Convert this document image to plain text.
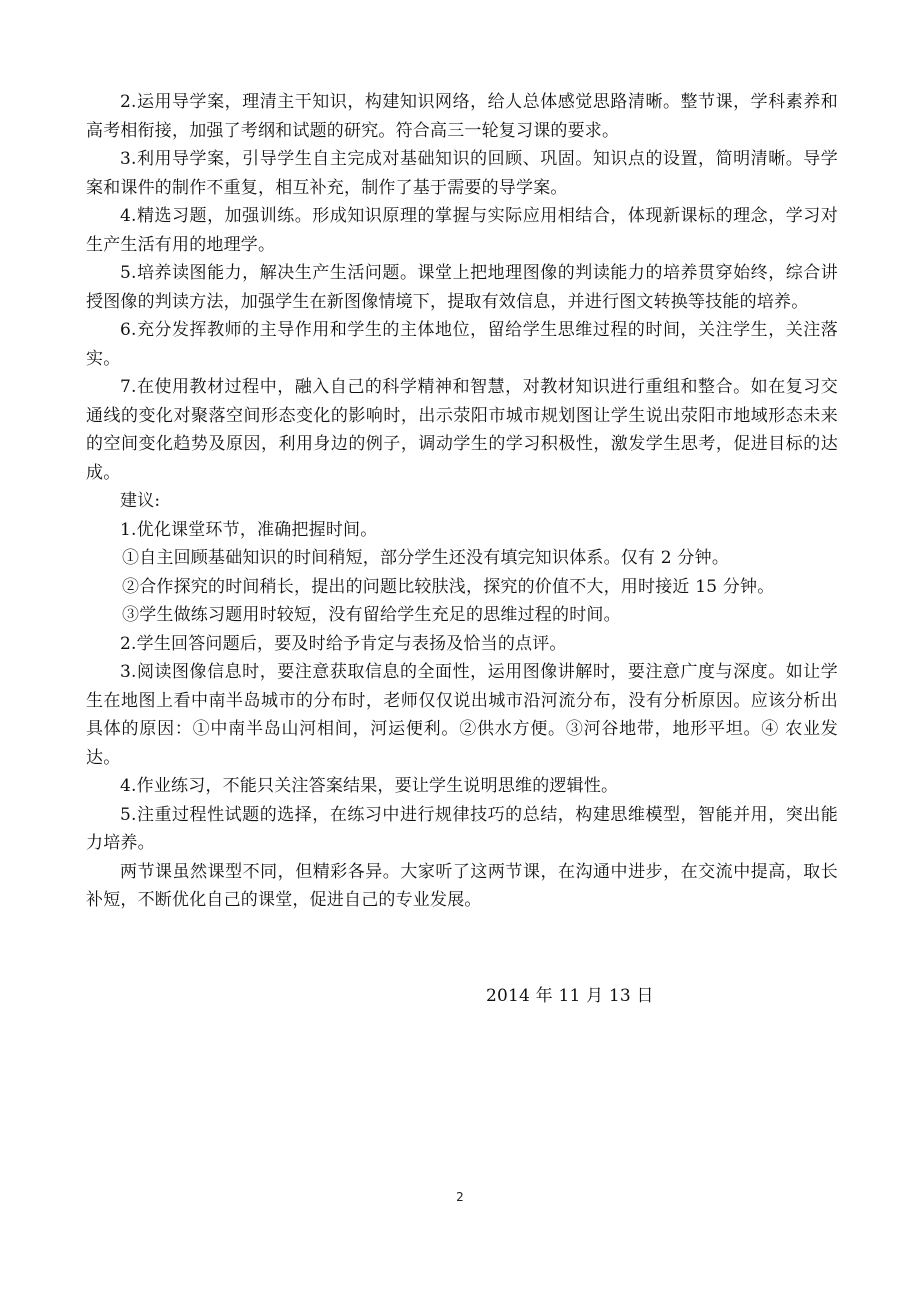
2.运用导学案，理清主干知识，构建知识网络，给人总体感觉思路清晰。整节课，学科素养和高考相衔接，加强了考纲和试题的研究。符合高三一轮复习课的要求。

3.利用导学案，引导学生自主完成对基础知识的回顾、巩固。知识点的设置，简明清晰。导学案和课件的制作不重复，相互补充，制作了基于需要的导学案。

4.精选习题，加强训练。形成知识原理的掌握与实际应用相结合，体现新课标的理念，学习对生产生活有用的地理学。

5.培养读图能力，解决生产生活问题。课堂上把地理图像的判读能力的培养贯穿始终，综合讲授图像的判读方法，加强学生在新图像情境下，提取有效信息，并进行图文转换等技能的培养。

6.充分发挥教师的主导作用和学生的主体地位，留给学生思维过程的时间，关注学生，关注落实。

7.在使用教材过程中，融入自己的科学精神和智慧，对教材知识进行重组和整合。如在复习交通线的变化对聚落空间形态变化的影响时，出示荥阳市城市规划图让学生说出荥阳市地域形态未来的空间变化趋势及原因，利用身边的例子，调动学生的学习积极性，激发学生思考，促进目标的达成。

建议:

1.优化课堂环节，准确把握时间。

①自主回顾基础知识的时间稍短，部分学生还没有填完知识体系。仅有 2 分钟。

②合作探究的时间稍长，提出的问题比较肤浅，探究的价值不大，用时接近 15 分钟。

③学生做练习题用时较短，没有留给学生充足的思维过程的时间。

2.学生回答问题后，要及时给予肯定与表扬及恰当的点评。

3.阅读图像信息时，要注意获取信息的全面性，运用图像讲解时，要注意广度与深度。如让学生在地图上看中南半岛城市的分布时，老师仅仅说出城市沿河流分布，没有分析原因。应该分析出具体的原因：①中南半岛山河相间，河运便利。②供水方便。③河谷地带，地形平坦。④ 农业发达。

4.作业练习，不能只关注答案结果，要让学生说明思维的逻辑性。

5.注重过程性试题的选择，在练习中进行规律技巧的总结，构建思维模型，智能并用，突出能力培养。

两节课虽然课型不同，但精彩各异。大家听了这两节课，在沟通中进步，在交流中提高，取长补短，不断优化自己的课堂，促进自己的专业发展。

2014 年 11 月 13 日
2
